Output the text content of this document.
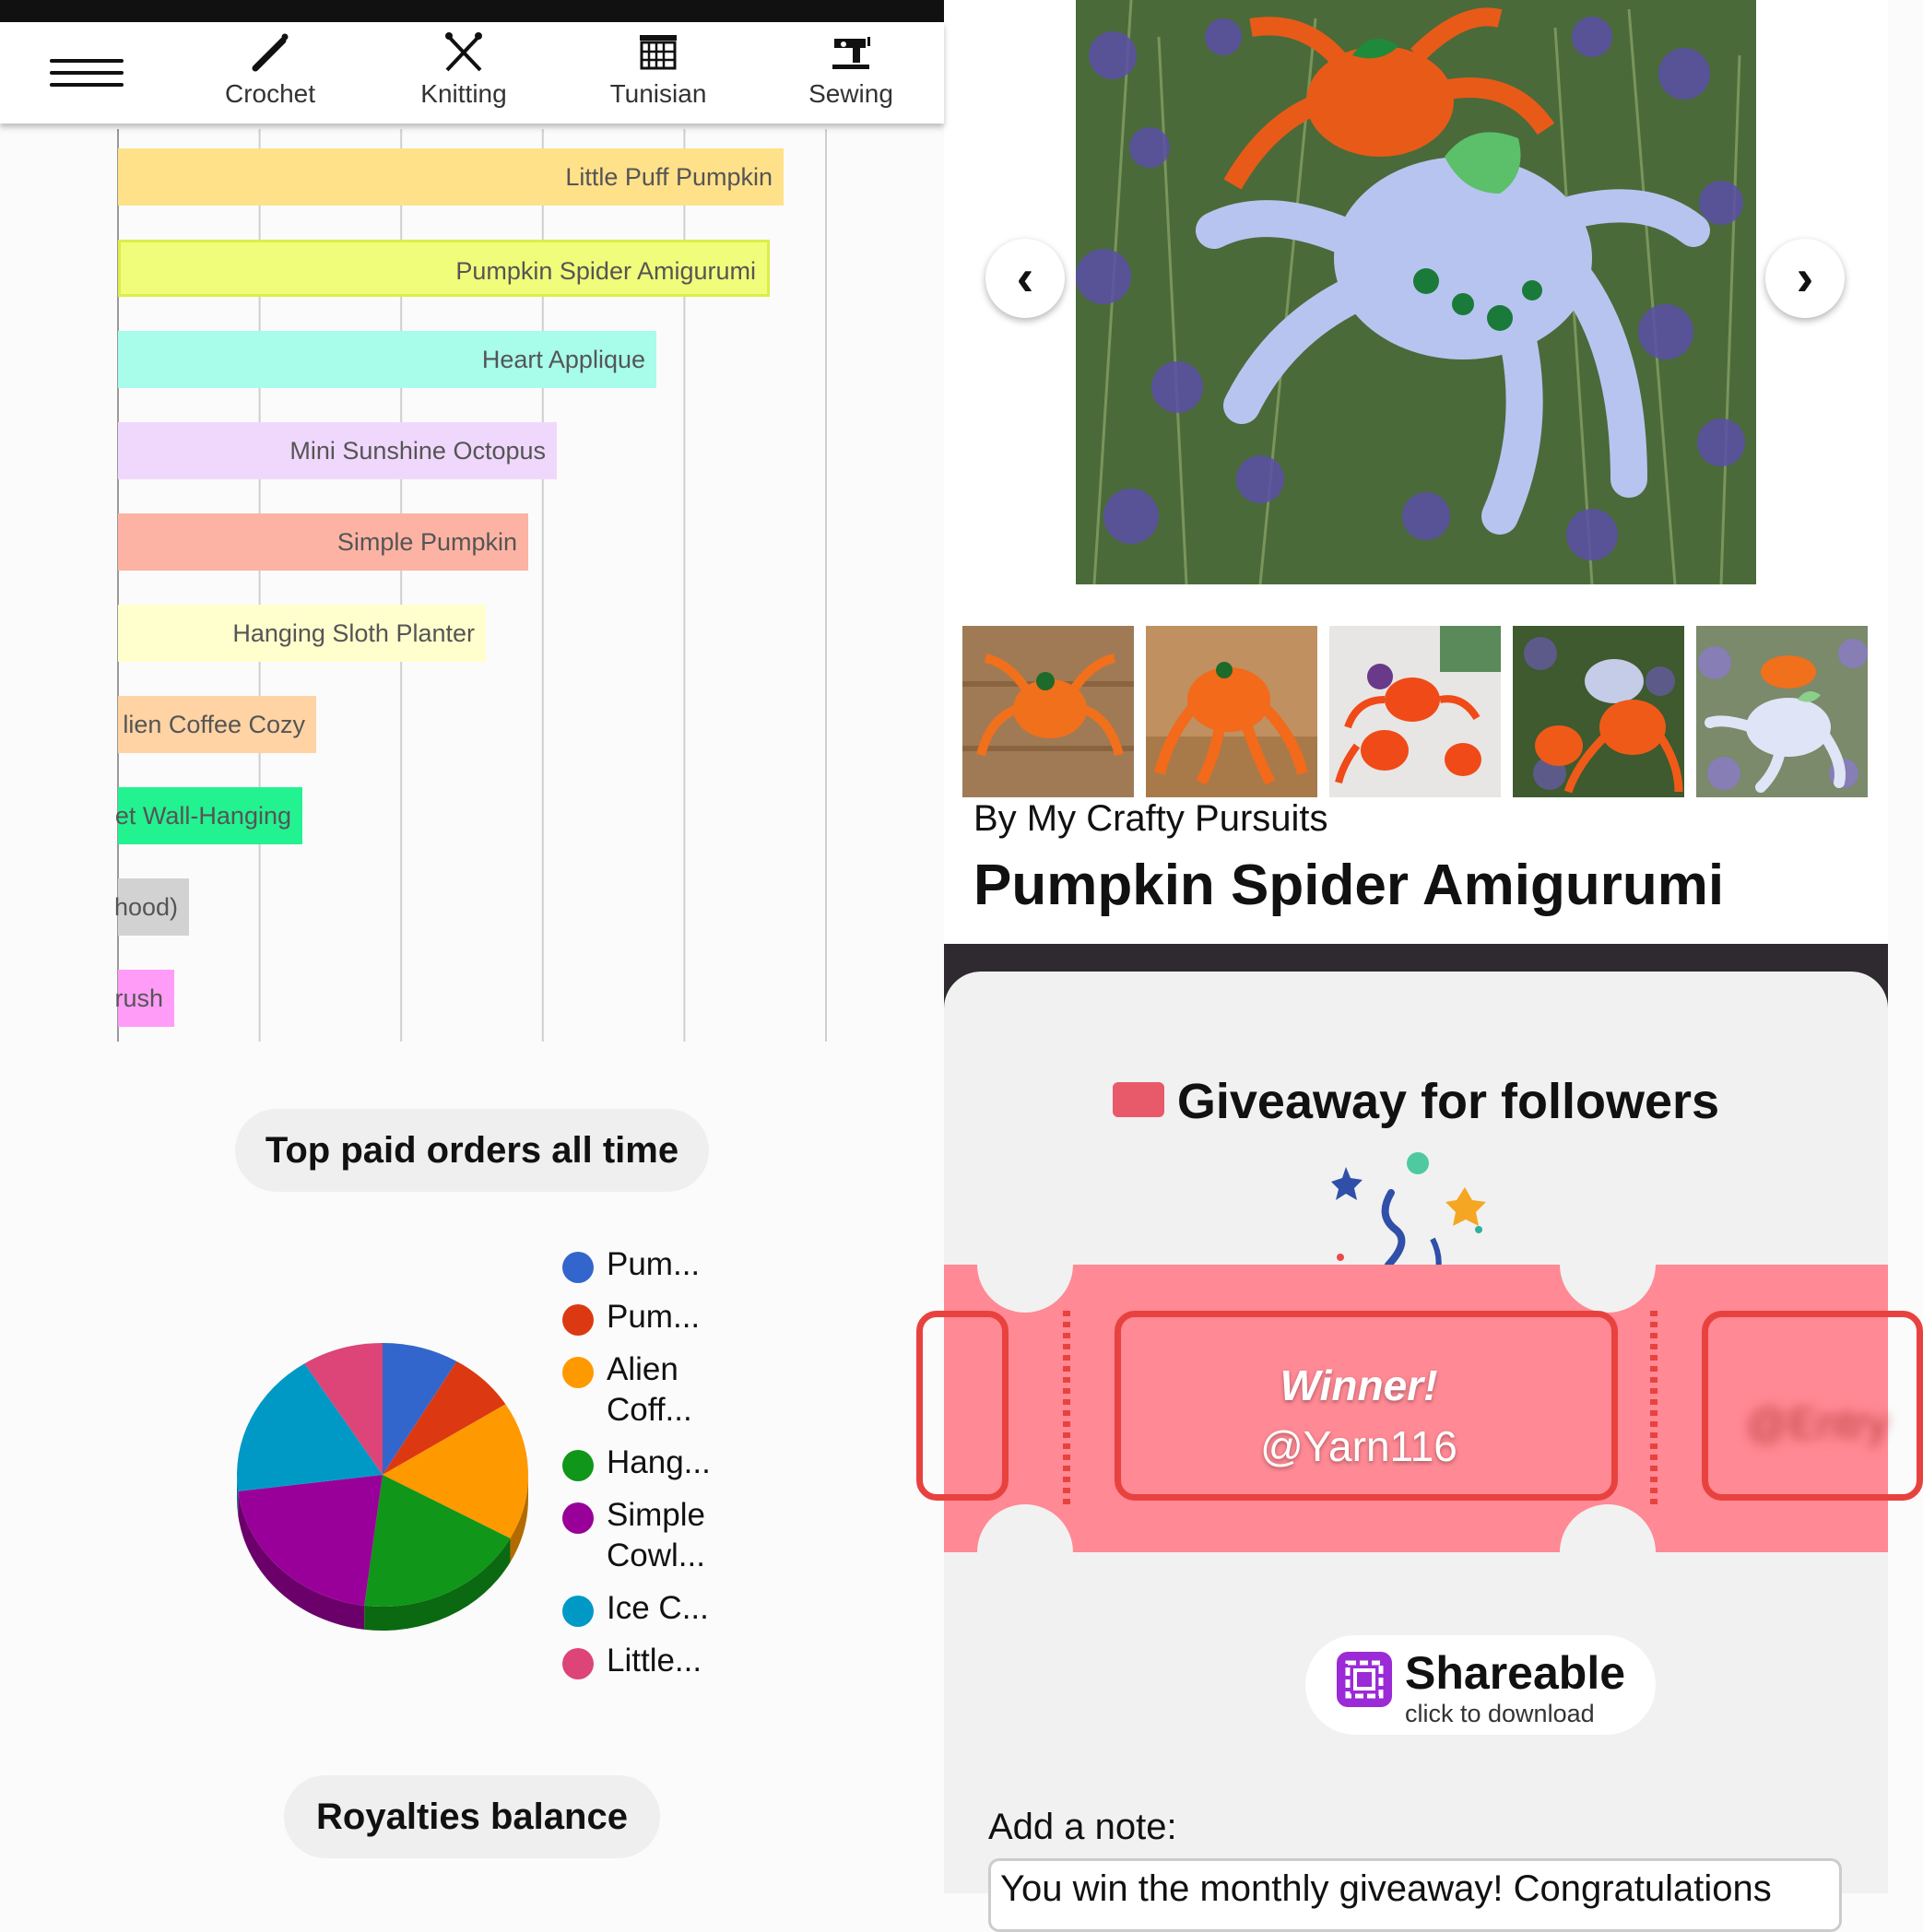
Crochet	Knitting	Tunisian	Sewing
Little Puff Pumpkin
Pumpkin Spider Amigurumi
Heart Applique
Mini Sunshine Octopus
Simple Pumpkin
Hanging Sloth Planter
lien Coffee Cozy
et Wall-Hanging
hood)
rush
Top paid orders all time
Pum...
Pum...
Alien
Coff...
Hang...
Simple
Cowl...
Ice C...
Little...
Royalties balance
‹	›
By My Crafty Pursuits
Pumpkin Spider Amigurumi
Giveaway for followers
Winner!
@Yarn116	@Entry
Shareable
click to download
Add a note:
You win the monthly giveaway! Congratulations
